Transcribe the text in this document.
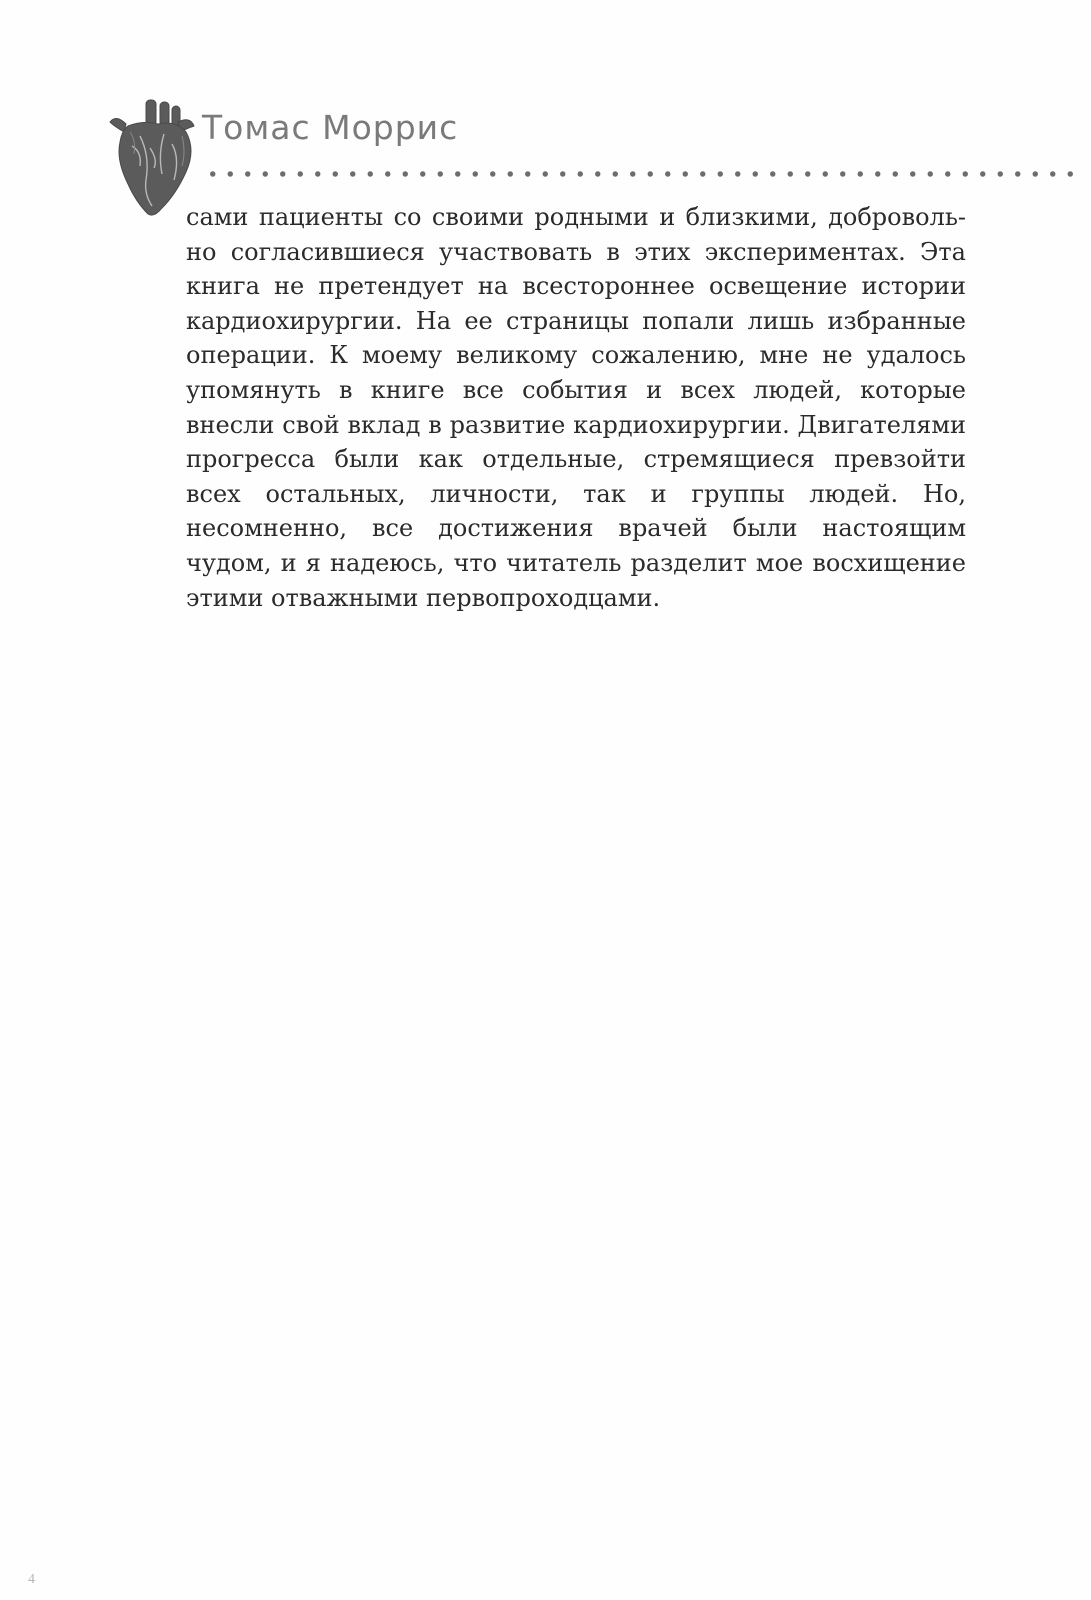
Томас Моррис

сами пациенты со своими родными и близкими, добровольно согласившиеся участвовать в этих экспериментах. Эта книга не претендует на всестороннее освещение истории кардиохирургии. На ее страницы попали лишь избранные операции. К моему великому сожалению, мне не удалось упомянуть в книге все события и всех людей, которые внесли свой вклад в развитие кардиохирургии. Двигателями прогресса были как отдельные, стремящиеся превзойти всех остальных, личности, так и группы людей. Но, несомненно, все достижения врачей были настоящим чудом, и я надеюсь, что читатель разделит мое восхищение этими отважными первопроходцами.

4
